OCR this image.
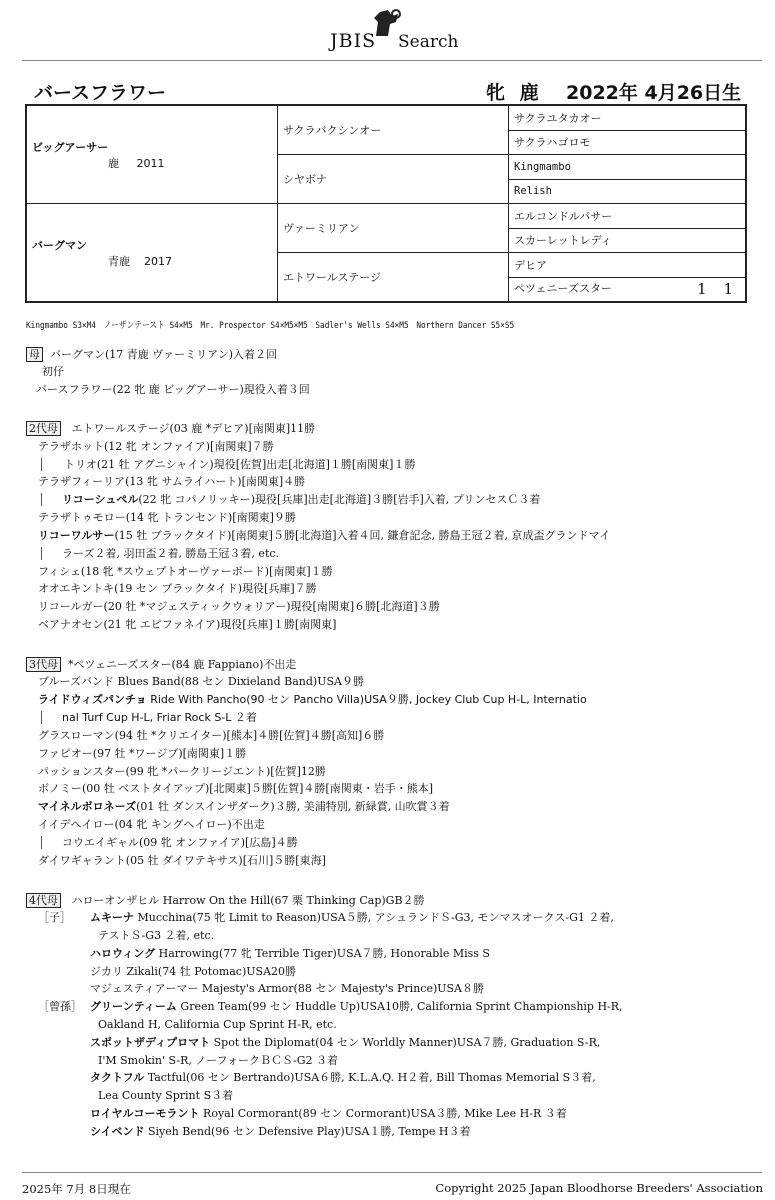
JBIS Search
バースフラワー	牝 鹿 2022年 4月26日生
ビッグアーサー
鹿 2011	サクラバクシンオー	サクラユタカオー
		サクラハゴロモ
	シヤボナ	Kingmambo
		Relish

バーグマン
青鹿 2017	ヴァーミリアン	エルコンドルパサー
		スカーレットレディ
	エトワールステージ	デヒア
		ペツェニーズスター 1 1
Kingmambo S3×M4　ノーザンテースト S4×M5　Mr. Prospector S4×M5×M5　Sadler's Wells S4×M5　Northern Dancer S5×S5
母 バーグマン(17 青鹿 ヴァーミリアン)入着２回
初仔
バースフラワー(22 牝 鹿 ビッグアーサー)現役入着３回
2代母 エトワールステージ(03 鹿 *デヒア)[南関東]11勝
テラザホット(12 牝 オンファイア)[南関東]７勝
トリオ(21 牡 アグニシャイン)現役[佐賀]出走[北海道]１勝[南関東]１勝
テラザフィーリア(13 牝 サムライハート)[南関東]４勝
リコーシュペル(22 牝 コパノリッキー)現役[兵庫]出走[北海道]３勝[岩手]入着, プリンセスＣ３着
テラザトゥモロー(14 牝 トランセンド)[南関東]９勝
リコーワルサー(15 牡 ブラックタイド)[南関東]５勝[北海道]入着４回, 鎌倉記念, 勝島王冠２着, 京成盃グランドマイ
ラーズ２着, 羽田盃２着, 勝島王冠３着, etc.
フィシェ(18 牝 *スウェプトオーヴァーボード)[南関東]１勝
オオエキントキ(19 セン ブラックタイド)現役[兵庫]７勝
リコールガー(20 牡 *マジェスティックウォリアー)現役[南関東]６勝[北海道]３勝
ベアナオセン(21 牝 エピファネイア)現役[兵庫]１勝[南関東]
3代母 *ペツェニーズスター(84 鹿 Fappiano)不出走
ブルーズバンド Blues Band(88 セン Dixieland Band)USA９勝
ライドウィズパンチョ Ride With Pancho(90 セン Pancho Villa)USA９勝, Jockey Club Cup H-L, Internatio
nal Turf Cup H-L, Friar Rock S-L ２着
グラスローマン(94 牡 *クリエイター)[熊本]４勝[佐賀]４勝[高知]６勝
ファピオー(97 牡 *ワージブ)[南関東]１勝
パッションスター(99 牝 *パークリージエント)[佐賀]12勝
ボノミー(00 牡 ベストタイアップ)[北関東]５勝[佐賀]４勝[南関東・岩手・熊本]
マイネルボロネーズ(01 牡 ダンスインザダーク)３勝, 美浦特別, 新緑賞, 山吹賞３着
イイデヘイロー(04 牝 キングヘイロー)不出走
コウエイギャル(09 牝 オンファイア)[広島]４勝
ダイワギャラント(05 牡 ダイワテキサス)[石川]５勝[東海]
4代母 ハローオンザヒル Harrow On the Hill(67 栗 Thinking Cap)GB２勝
［子］ ムキーナ Mucchina(75 牝 Limit to Reason)USA５勝, アシュランドＳ-G3, モンマスオークス-G1 ２着,
テストＳ-G3 ２着, etc.
ハロウィング Harrowing(77 牝 Terrible Tiger)USA７勝, Honorable Miss S
ジカリ Zikali(74 牡 Potomac)USA20勝
マジェスティアーマー Majesty's Armor(88 セン Majesty's Prince)USA８勝
［曾孫］ グリーンティーム Green Team(99 セン Huddle Up)USA10勝, California Sprint Championship H-R,
Oakland H, California Cup Sprint H-R, etc.
スポットザディプロマト Spot the Diplomat(04 セン Worldly Manner)USA７勝, Graduation S-R,
I'M Smokin' S-R, ノーフォークＢＣＳ-G2 ３着
タクトフル Tactful(06 セン Bertrando)USA６勝, K.L.A.Q. H２着, Bill Thomas Memorial S３着,
Lea County Sprint S３着
ロイヤルコーモラント Royal Cormorant(89 セン Cormorant)USA３勝, Mike Lee H-R ３着
シイベンド Siyeh Bend(96 セン Defensive Play)USA１勝, Tempe H３着
2025年 7月 8日現在	Copyright 2025 Japan Bloodhorse Breeders' Association
